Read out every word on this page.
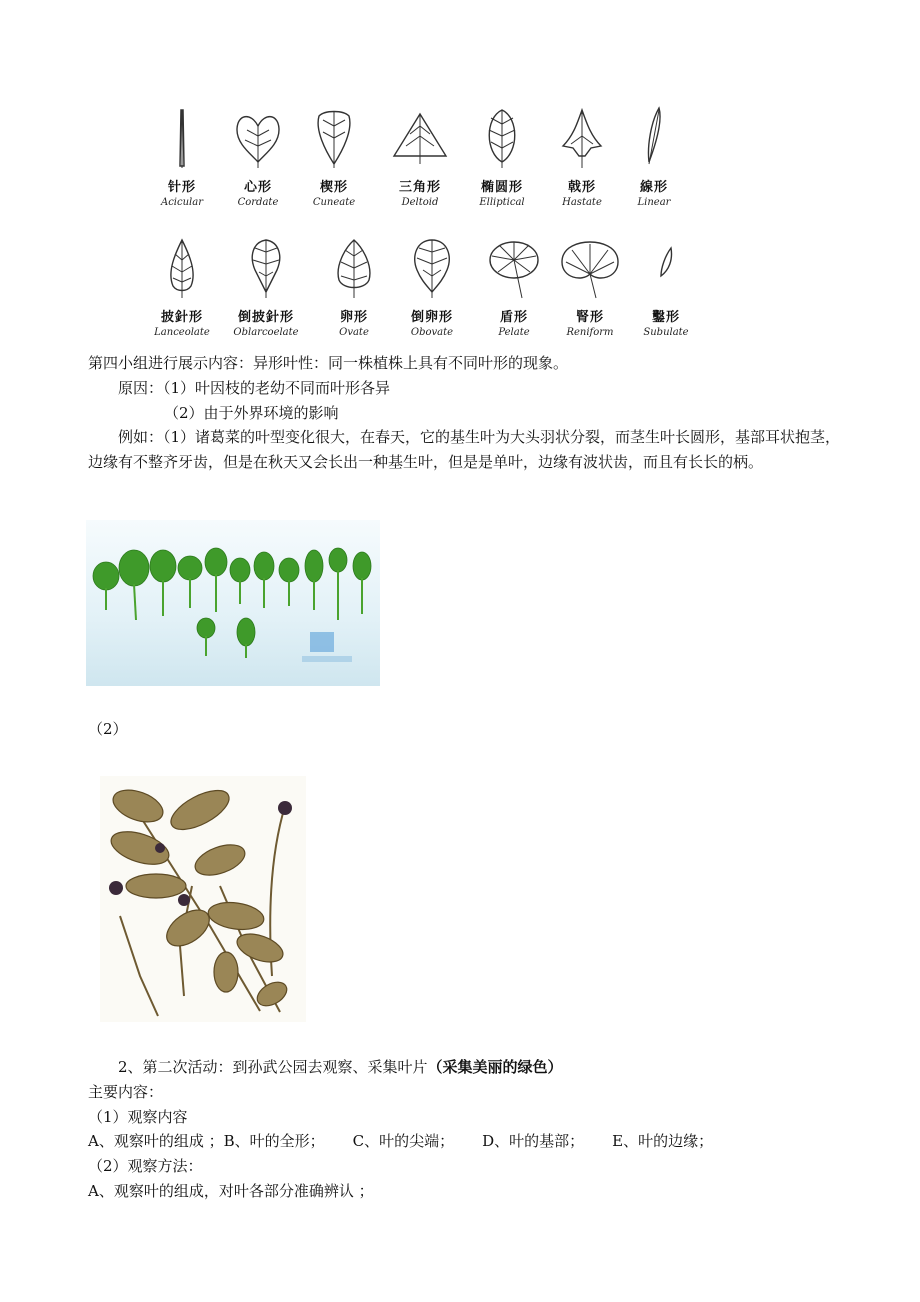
针形
Acicular
心形
Cordate
楔形
Cuneate
三角形
Deltoid
椭圆形
Elliptical
戟形
Hastate
線形
Linear
披針形
Lanceolate
倒披針形
Oblarcoelate
卵形
Ovate
倒卵形
Obovate
盾形
Pelate
腎形
Reniform
鑿形
Subulate
第四小组进行展示内容：异形叶性：同一株植株上具有不同叶形的现象。
原因：（1）叶因枝的老幼不同而叶形各异
（2）由于外界环境的影响
例如：（1）诸葛菜的叶型变化很大，在春天，它的基生叶为大头羽状分裂，而茎生叶长圆形，基部耳状抱茎，边缘有不整齐牙齿，但是在秋天又会长出一种基生叶，但是是单叶，边缘有波状齿，而且有长长的柄。
（2）
2、第二次活动：到孙武公园去观察、采集叶片（采集美丽的绿色）
主要内容：
（1）观察内容
A、观察叶的组成 ；B、叶的全形； C、叶的尖端； D、叶的基部； E、叶的边缘；
（2）观察方法：
A、观察叶的组成，对叶各部分准确辨认 ；
